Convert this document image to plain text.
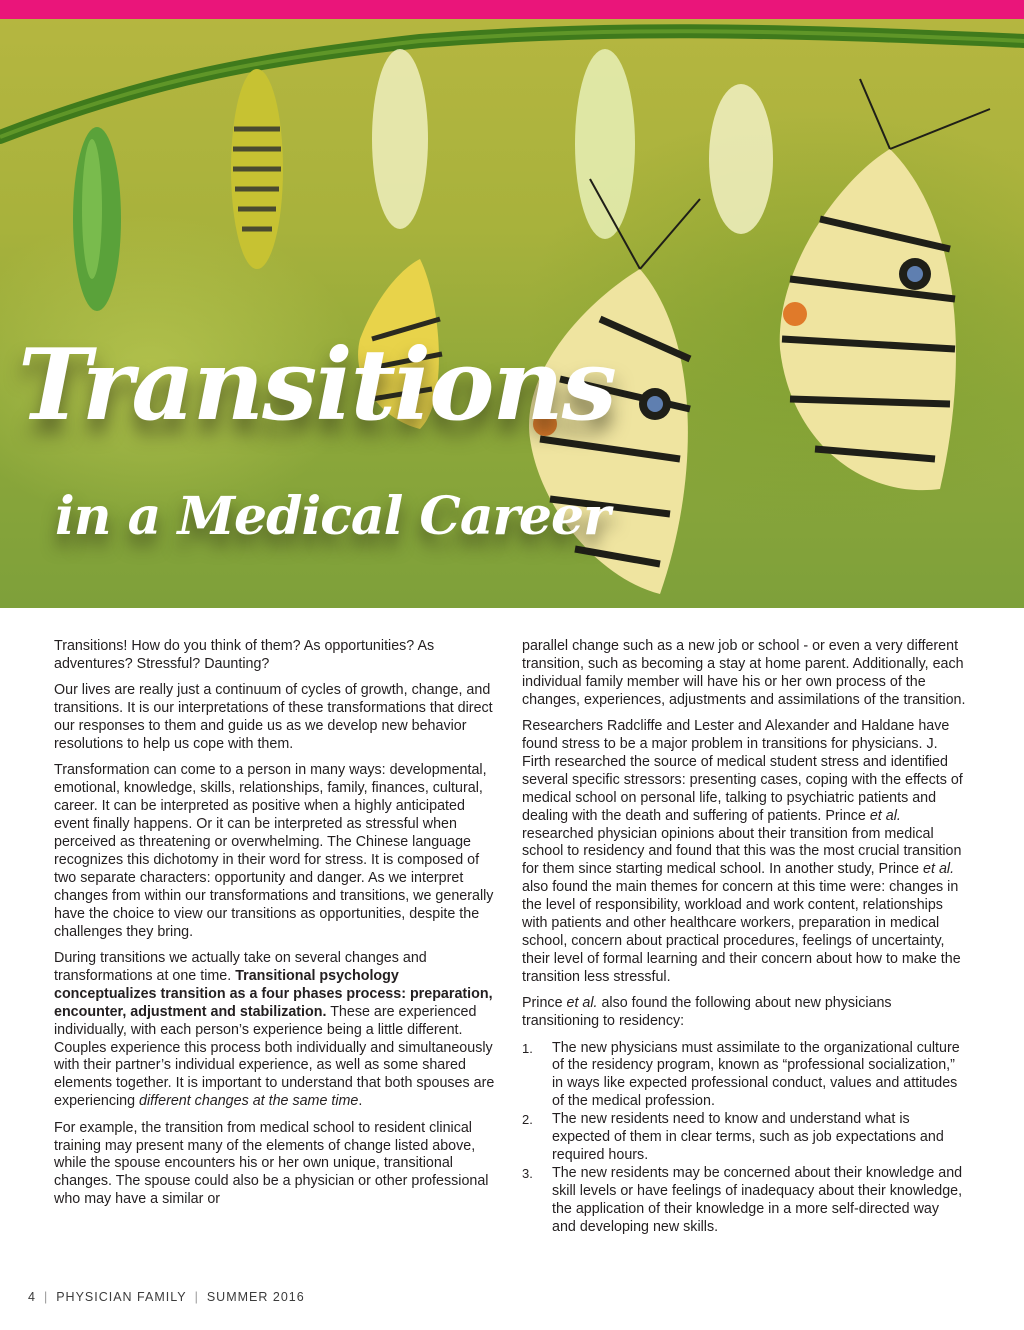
Transitions
in a Medical Career
By Ilene Bosscher

Transitions! How do you think of them? As opportunities? As adventures? Stressful? Daunting?

Our lives are really just a continuum of cycles of growth, change, and transitions. It is our interpretations of these transformations that direct our responses to them and guide us as we develop new behavior resolutions to help us cope with them.

Transformation can come to a person in many ways: developmental, emotional, knowledge, skills, relationships, family, finances, cultural, career. It can be interpreted as positive when a highly anticipated event finally happens. Or it can be interpreted as stressful when perceived as threatening or overwhelming. The Chinese language recognizes this dichotomy in their word for stress. It is composed of two separate characters: opportunity and danger. As we interpret changes from within our transformations and transitions, we generally have the choice to view our transitions as opportunities, despite the challenges they bring.

During transitions we actually take on several changes and transformations at one time. Transitional psychology conceptualizes transition as a four phases process: preparation, encounter, adjustment and stabilization. These are experienced individually, with each person’s experience being a little different. Couples experience this process both individually and simultaneously with their partner’s individual experience, as well as some shared elements together. It is important to understand that both spouses are experiencing different changes at the same time.

For example, the transition from medical school to resident clinical training may present many of the elements of change listed above, while the spouse encounters his or her own unique, transitional changes. The spouse could also be a physician or other professional who may have a similar or

parallel change such as a new job or school - or even a very different transition, such as becoming a stay at home parent. Additionally, each individual family member will have his or her own process of the changes, experiences, adjustments and assimilations of the transition.

Researchers Radcliffe and Lester and Alexander and Haldane have found stress to be a major problem in transitions for physicians. J. Firth researched the source of medical student stress and identified several specific stressors: presenting cases, coping with the effects of medical school on personal life, talking to psychiatric patients and dealing with the death and suffering of patients. Prince et al. researched physician opinions about their transition from medical school to residency and found that this was the most crucial transition for them since starting medical school. In another study, Prince et al. also found the main themes for concern at this time were: changes in the level of responsibility, workload and work content, relationships with patients and other healthcare workers, preparation in medical school, concern about practical procedures, feelings of uncertainty, their level of formal learning and their concern about how to make the transition less stressful.

Prince et al. also found the following about new physicians transitioning to residency:

1. The new physicians must assimilate to the organizational culture of the residency program, known as “professional socialization,” in ways like expected professional conduct, values and attitudes of the medical profession.
2. The new residents need to know and understand what is expected of them in clear terms, such as job expectations and required hours.
3. The new residents may be concerned about their knowledge and skill levels or have feelings of inadequacy about their knowledge, the application of their knowledge in a more self-directed way and developing new skills.
4 | PHYSICIAN FAMILY | SUMMER 2016
